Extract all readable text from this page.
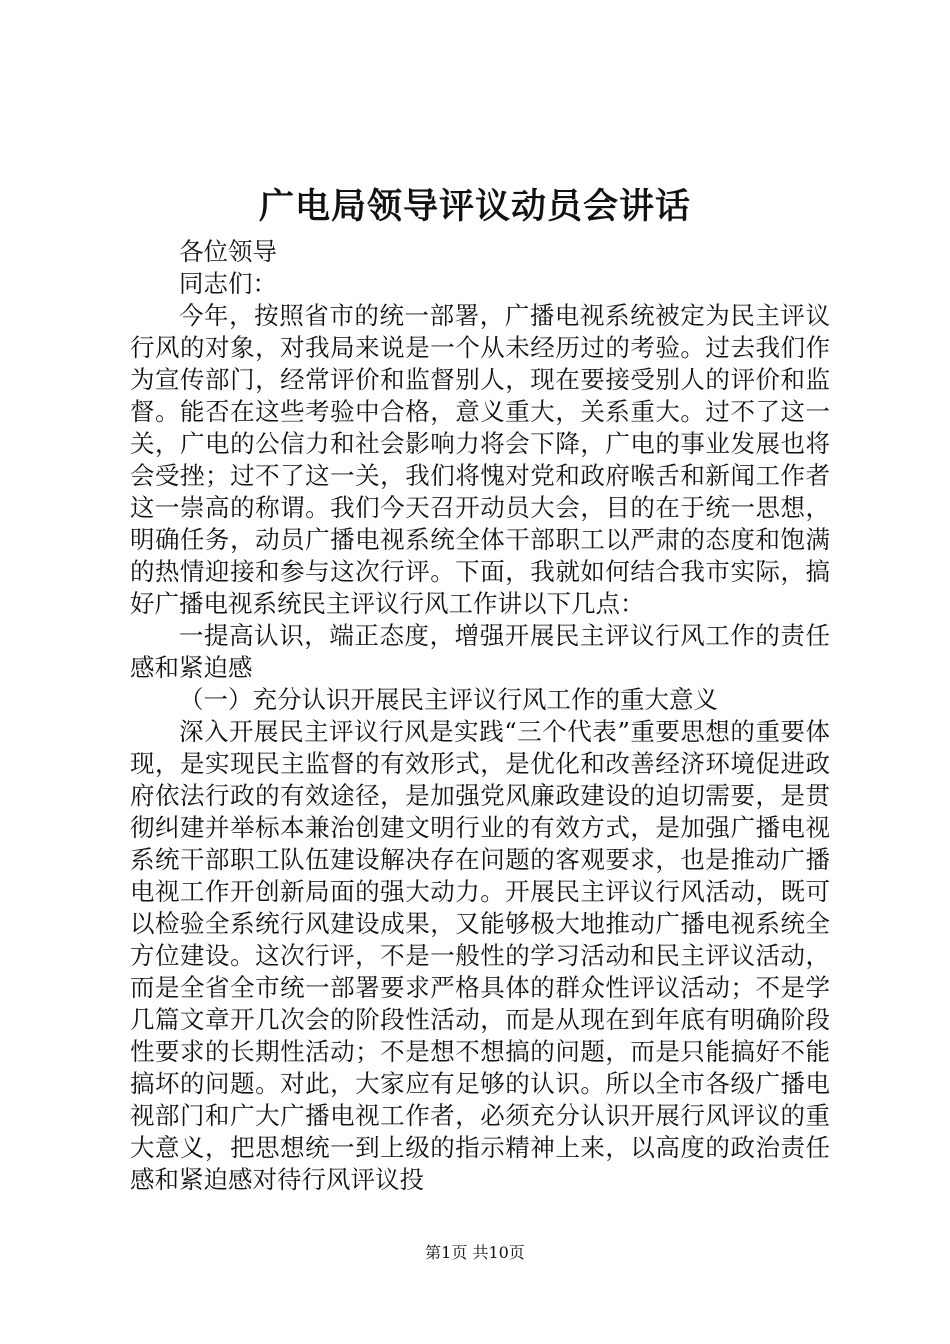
广电局领导评议动员会讲话

各位领导

同志们：

今年，按照省市的统一部署，广播电视系统被定为民主评议行风的对象，对我局来说是一个从未经历过的考验。过去我们作为宣传部门，经常评价和监督别人，现在要接受别人的评价和监督。能否在这些考验中合格，意义重大，关系重大。过不了这一关，广电的公信力和社会影响力将会下降，广电的事业发展也将会受挫；过不了这一关，我们将愧对党和政府喉舌和新闻工作者这一崇高的称谓。我们今天召开动员大会，目的在于统一思想，明确任务，动员广播电视系统全体干部职工以严肃的态度和饱满的热情迎接和参与这次行评。下面，我就如何结合我市实际，搞好广播电视系统民主评议行风工作讲以下几点：

一提高认识，端正态度，增强开展民主评议行风工作的责任感和紧迫感

（一）充分认识开展民主评议行风工作的重大意义

深入开展民主评议行风是实践“三个代表”重要思想的重要体现，是实现民主监督的有效形式，是优化和改善经济环境促进政府依法行政的有效途径，是加强党风廉政建设的迫切需要，是贯彻纠建并举标本兼治创建文明行业的有效方式，是加强广播电视系统干部职工队伍建设解决存在问题的客观要求，也是推动广播电视工作开创新局面的强大动力。开展民主评议行风活动，既可以检验全系统行风建设成果，又能够极大地推动广播电视系统全方位建设。这次行评，不是一般性的学习活动和民主评议活动，而是全省全市统一部署要求严格具体的群众性评议活动；不是学几篇文章开几次会的阶段性活动，而是从现在到年底有明确阶段性要求的长期性活动；不是想不想搞的问题，而是只能搞好不能搞坏的问题。对此，大家应有足够的认识。所以全市各级广播电视部门和广大广播电视工作者，必须充分认识开展行风评议的重大意义，把思想统一到上级的指示精神上来，以高度的政治责任感和紧迫感对待行风评议投

第1页 共10页
